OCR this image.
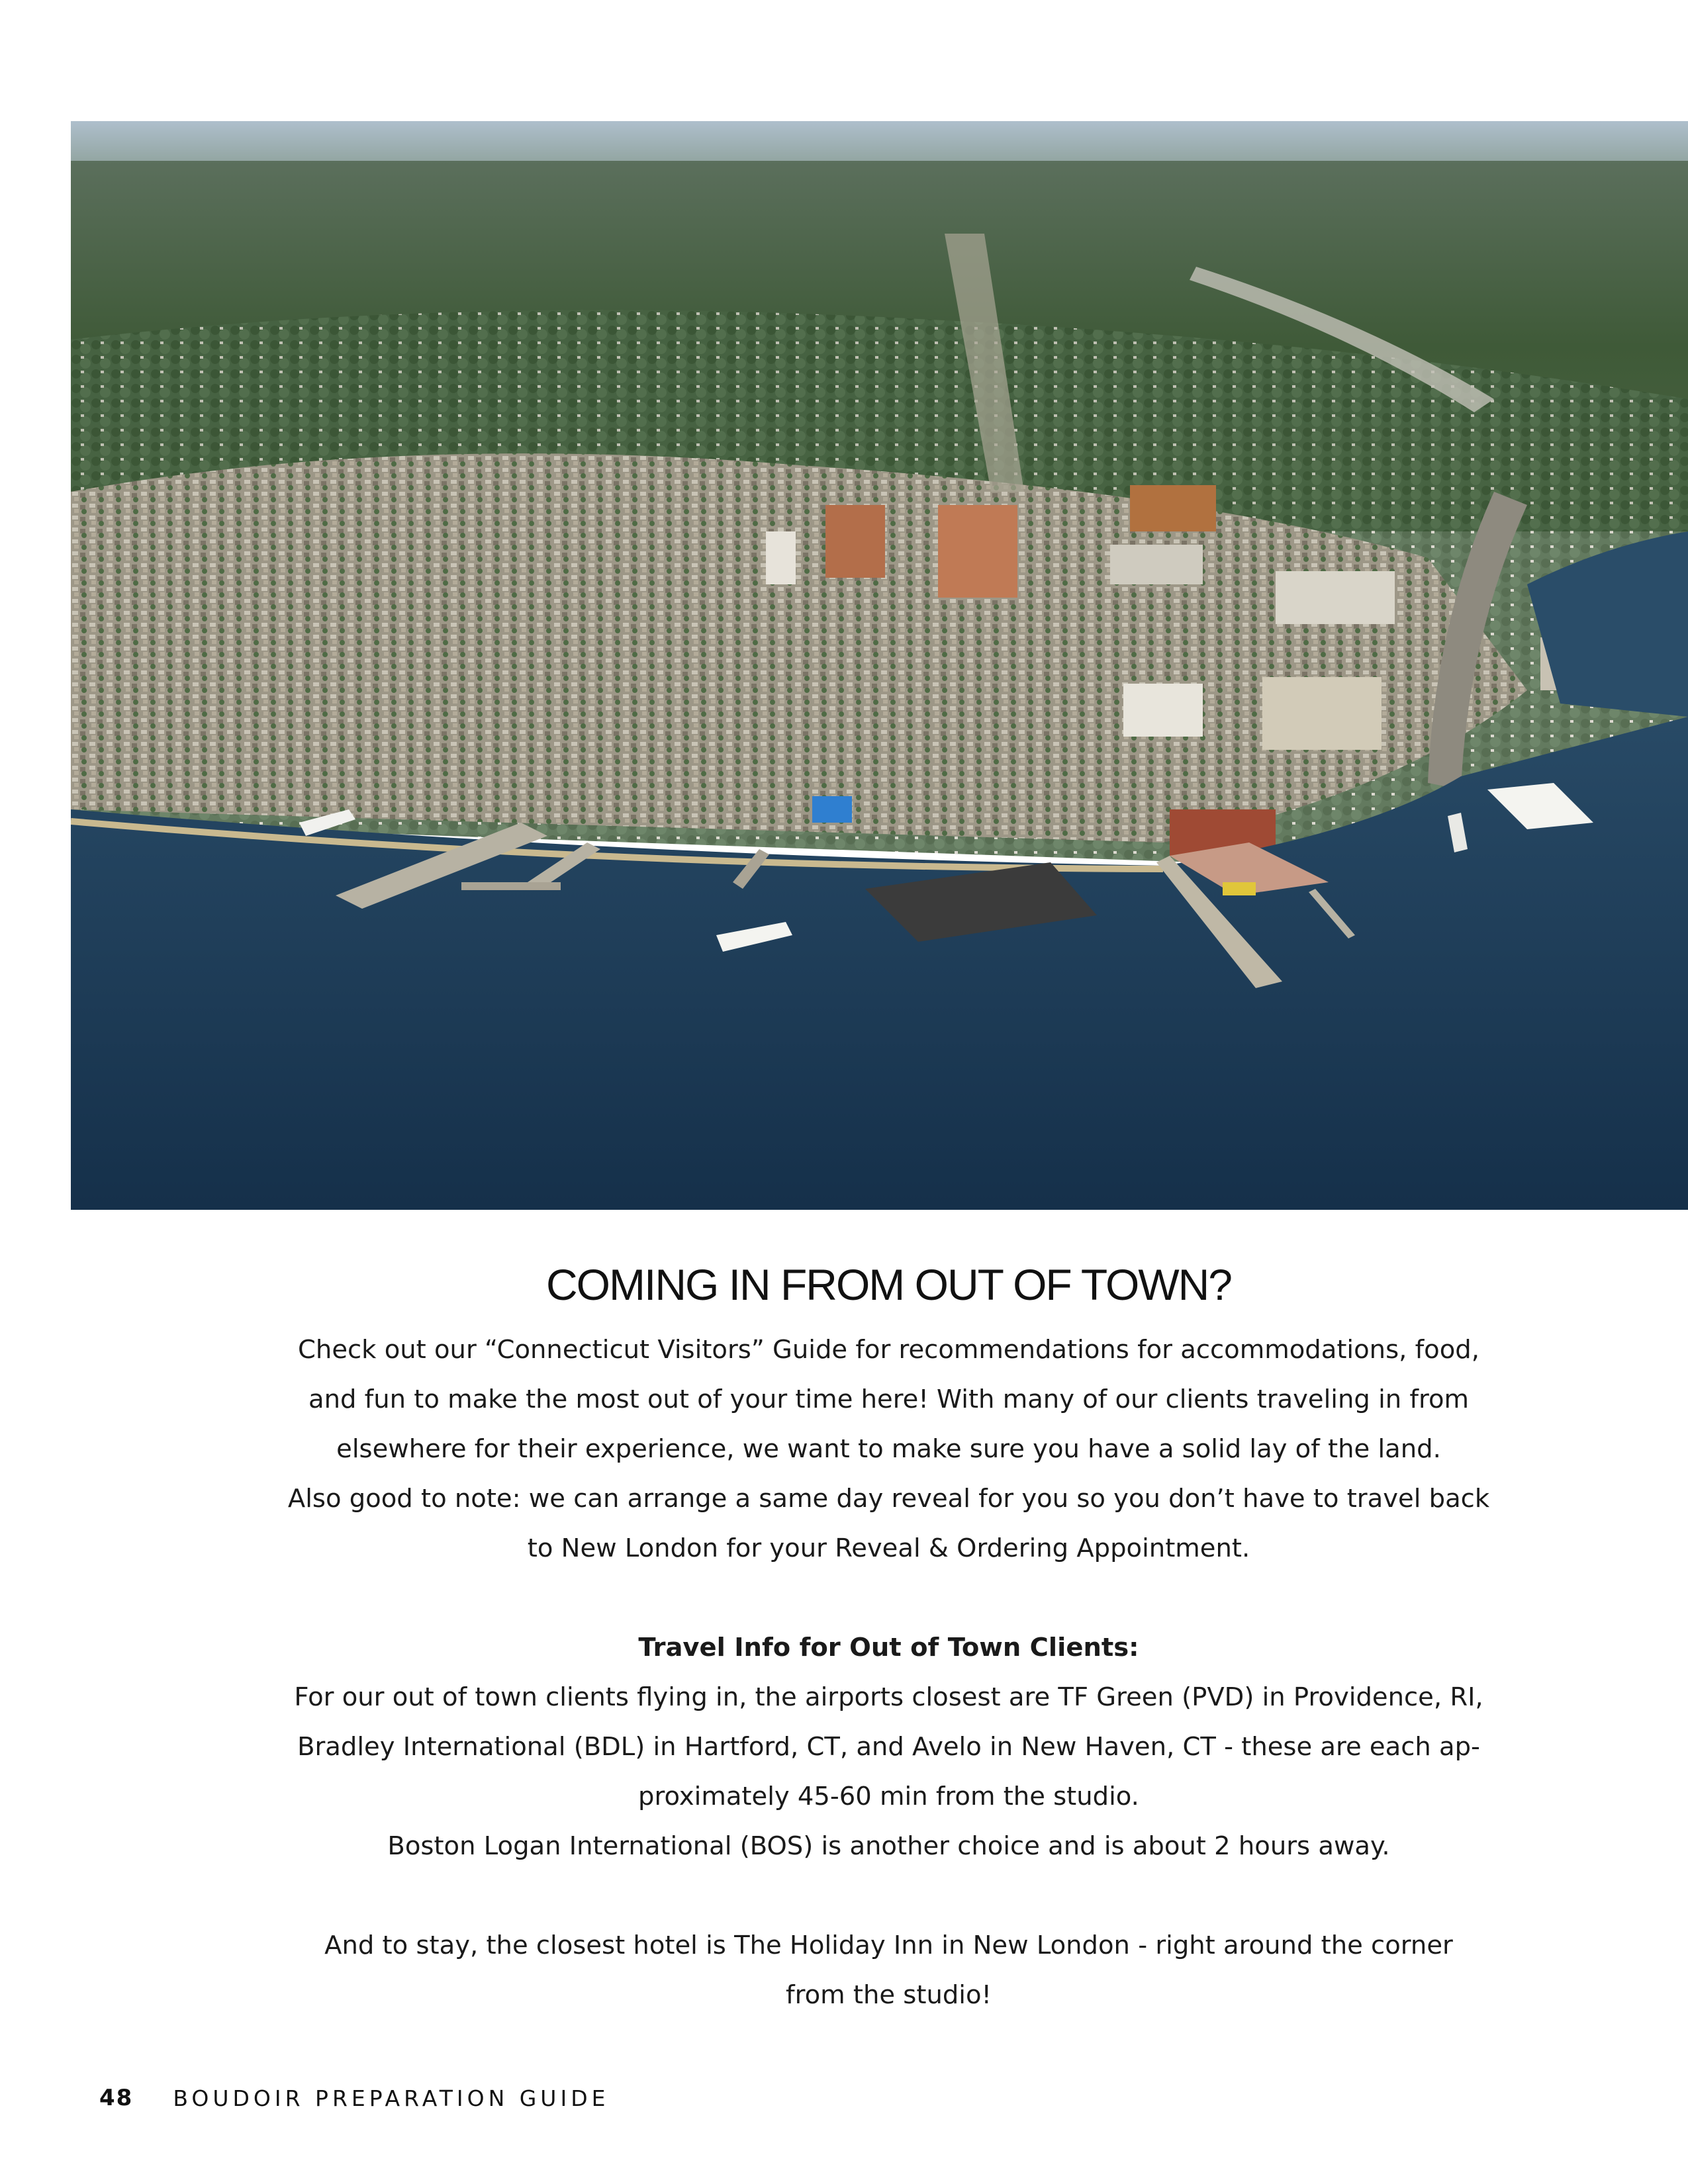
COMING IN FROM OUT OF TOWN?
Check out our “Connecticut Visitors” Guide for recommendations for accommodations, food,
and fun to make the most out of your time here! With many of our clients traveling in from
elsewhere for their experience, we want to make sure you have a solid lay of the land.
Also good to note: we can arrange a same day reveal for you so you don’t have to travel back
to New London for your Reveal & Ordering Appointment.
Travel Info for Out of Town Clients:
For our out of town clients flying in, the airports closest are TF Green (PVD) in Providence, RI,
Bradley International (BDL) in Hartford, CT, and Avelo in New Haven, CT - these are each ap-
proximately 45-60 min from the studio.
Boston Logan International (BOS) is another choice and is about 2 hours away.
And to stay, the closest hotel is The Holiday Inn in New London - right around the corner
from the studio!
48 BOUDOIR PREPARATION GUIDE
